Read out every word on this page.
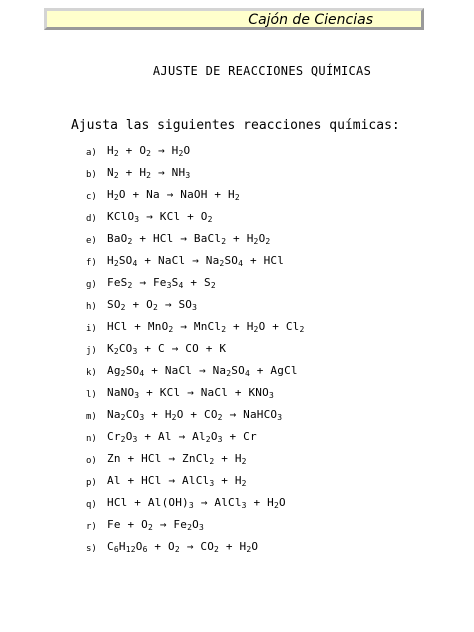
Cajón de Ciencias
AJUSTE DE REACCIONES QUÍMICAS
Ajusta las siguientes reacciones químicas:
a) $H_2 + O_2 \to H_2O$
b) $N_2 + H_2 \to NH_3$
c) $H_2O + Na$ → NaOH + $H_2$
d) KClO$_3$ → KCl + $O_2$
e) BaO$_2$ + HCl → BaCl$_2$ + $H_2O_2$
f) $H_2SO_4$ + NaCl → $Na_2SO_4$ + HCl
g) $FeS_2 \to Fe_3S_4 + S_2$
h) $SO_2 + O_2 \to SO_3$
i) HCl + MnO$_2$ → MnCl$_2$ + $H_2O + Cl_2$
j) $K_2CO_3 + C$ → CO + K
k) $Ag_2SO_4$ + NaCl → $Na_2SO_4$ + AgCl
l) NaNO$_3$ + KCl → NaCl + $KNO_3$
m) $Na_2CO_3 + H_2O + CO_2$ → NaHCO$_3$
n) $Cr_2O_3 + Al \to Al_2O_3 + Cr$
o) Zn + HCl → ZnCl$_2$ + $H_2$
p) Al + HCl → AlCl$_3$ + $H_2$
q) HCl + $Al(OH)_3$ → AlCl$_3$ + $H_2O$
r) $Fe + O_2 \to Fe_2O_3$
s) $C_6H_{12}O_6 + O_2 \to CO_2 + H_2O$
